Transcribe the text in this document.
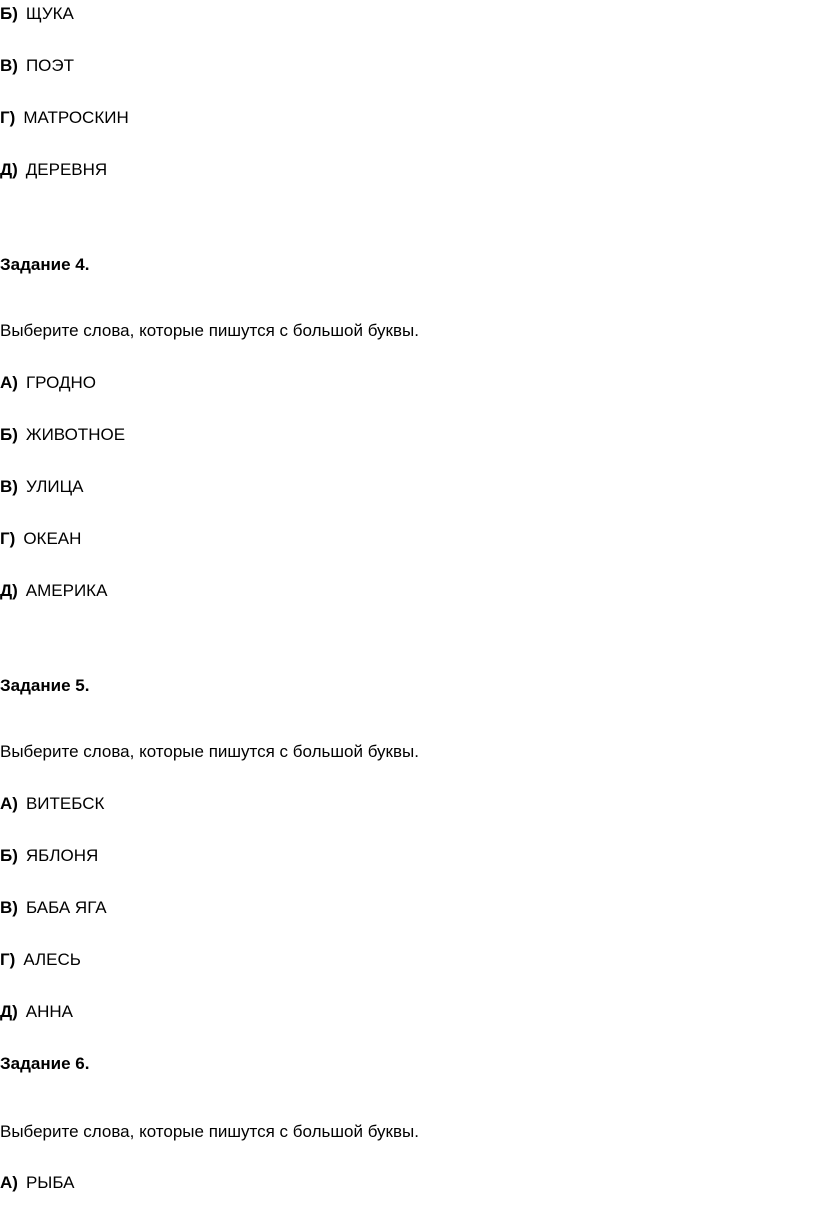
Б) ЩУКА
В) ПОЭТ
Г) МАТРОСКИН
Д) ДЕРЕВНЯ
Задание 4.
Выберите слова, которые пишутся с большой буквы.
А) ГРОДНО
Б) ЖИВОТНОЕ
В) УЛИЦА
Г) ОКЕАН
Д) АМЕРИКА
Задание 5.
Выберите слова, которые пишутся с большой буквы.
А) ВИТЕБСК
Б) ЯБЛОНЯ
В) БАБА ЯГА
Г) АЛЕСЬ
Д) АННА
Задание 6.
Выберите слова, которые пишутся с большой буквы.
А) РЫБА
